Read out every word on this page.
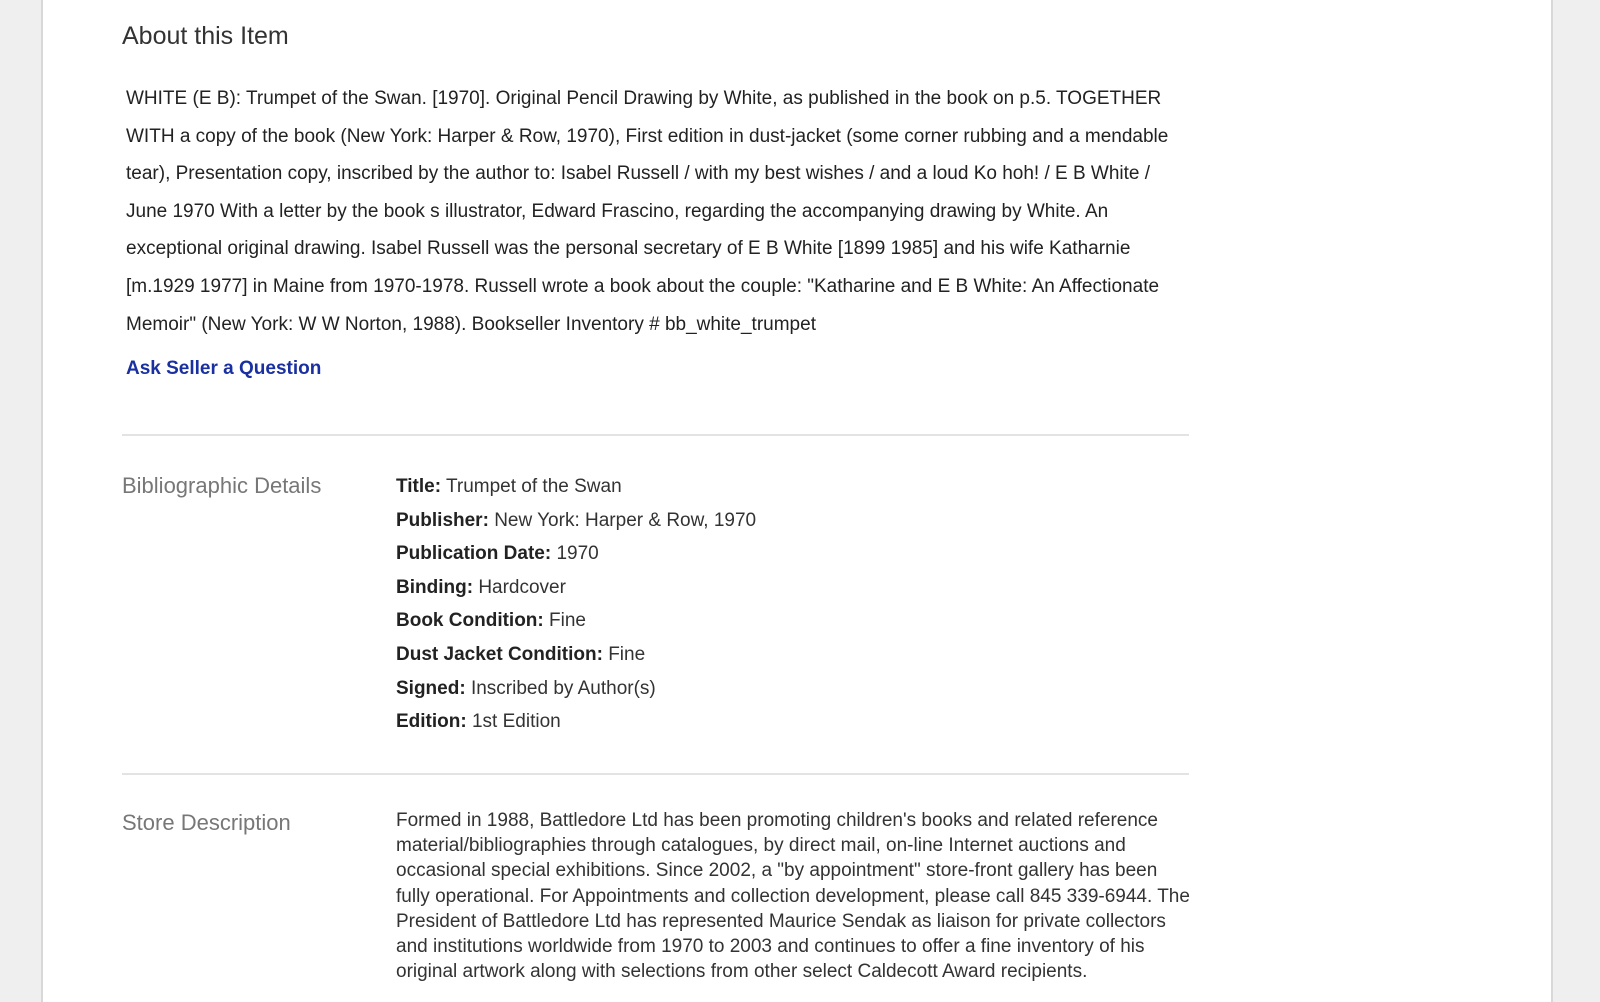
About this Item

WHITE (E B): Trumpet of the Swan. [1970]. Original Pencil Drawing by White, as published in the book on p.5. TOGETHER WITH a copy of the book (New York: Harper & Row, 1970), First edition in dust-jacket (some corner rubbing and a mendable tear), Presentation copy, inscribed by the author to: Isabel Russell / with my best wishes / and a loud Ko hoh! / E B White / June 1970 With a letter by the book s illustrator, Edward Frascino, regarding the accompanying drawing by White. An exceptional original drawing. Isabel Russell was the personal secretary of E B White [1899 1985] and his wife Katharnie [m.1929 1977] in Maine from 1970-1978. Russell wrote a book about the couple: "Katharine and E B White: An Affectionate Memoir" (New York: W W Norton, 1988). Bookseller Inventory # bb_white_trumpet

Ask Seller a Question
Bibliographic Details	Title: Trumpet of the Swan
Publisher: New York: Harper & Row, 1970
Publication Date: 1970
Binding: Hardcover
Book Condition: Fine
Dust Jacket Condition: Fine
Signed: Inscribed by Author(s)
Edition: 1st Edition
Store Description	Formed in 1988, Battledore Ltd has been promoting children's books and related reference material/bibliographies through catalogues, by direct mail, on-line Internet auctions and occasional special exhibitions. Since 2002, a "by appointment" store-front gallery has been fully operational. For Appointments and collection development, please call 845 339-6944. The President of Battledore Ltd has represented Maurice Sendak as liaison for private collectors and institutions worldwide from 1970 to 2003 and continues to offer a fine inventory of his original artwork along with selections from other select Caldecott Award recipients.
